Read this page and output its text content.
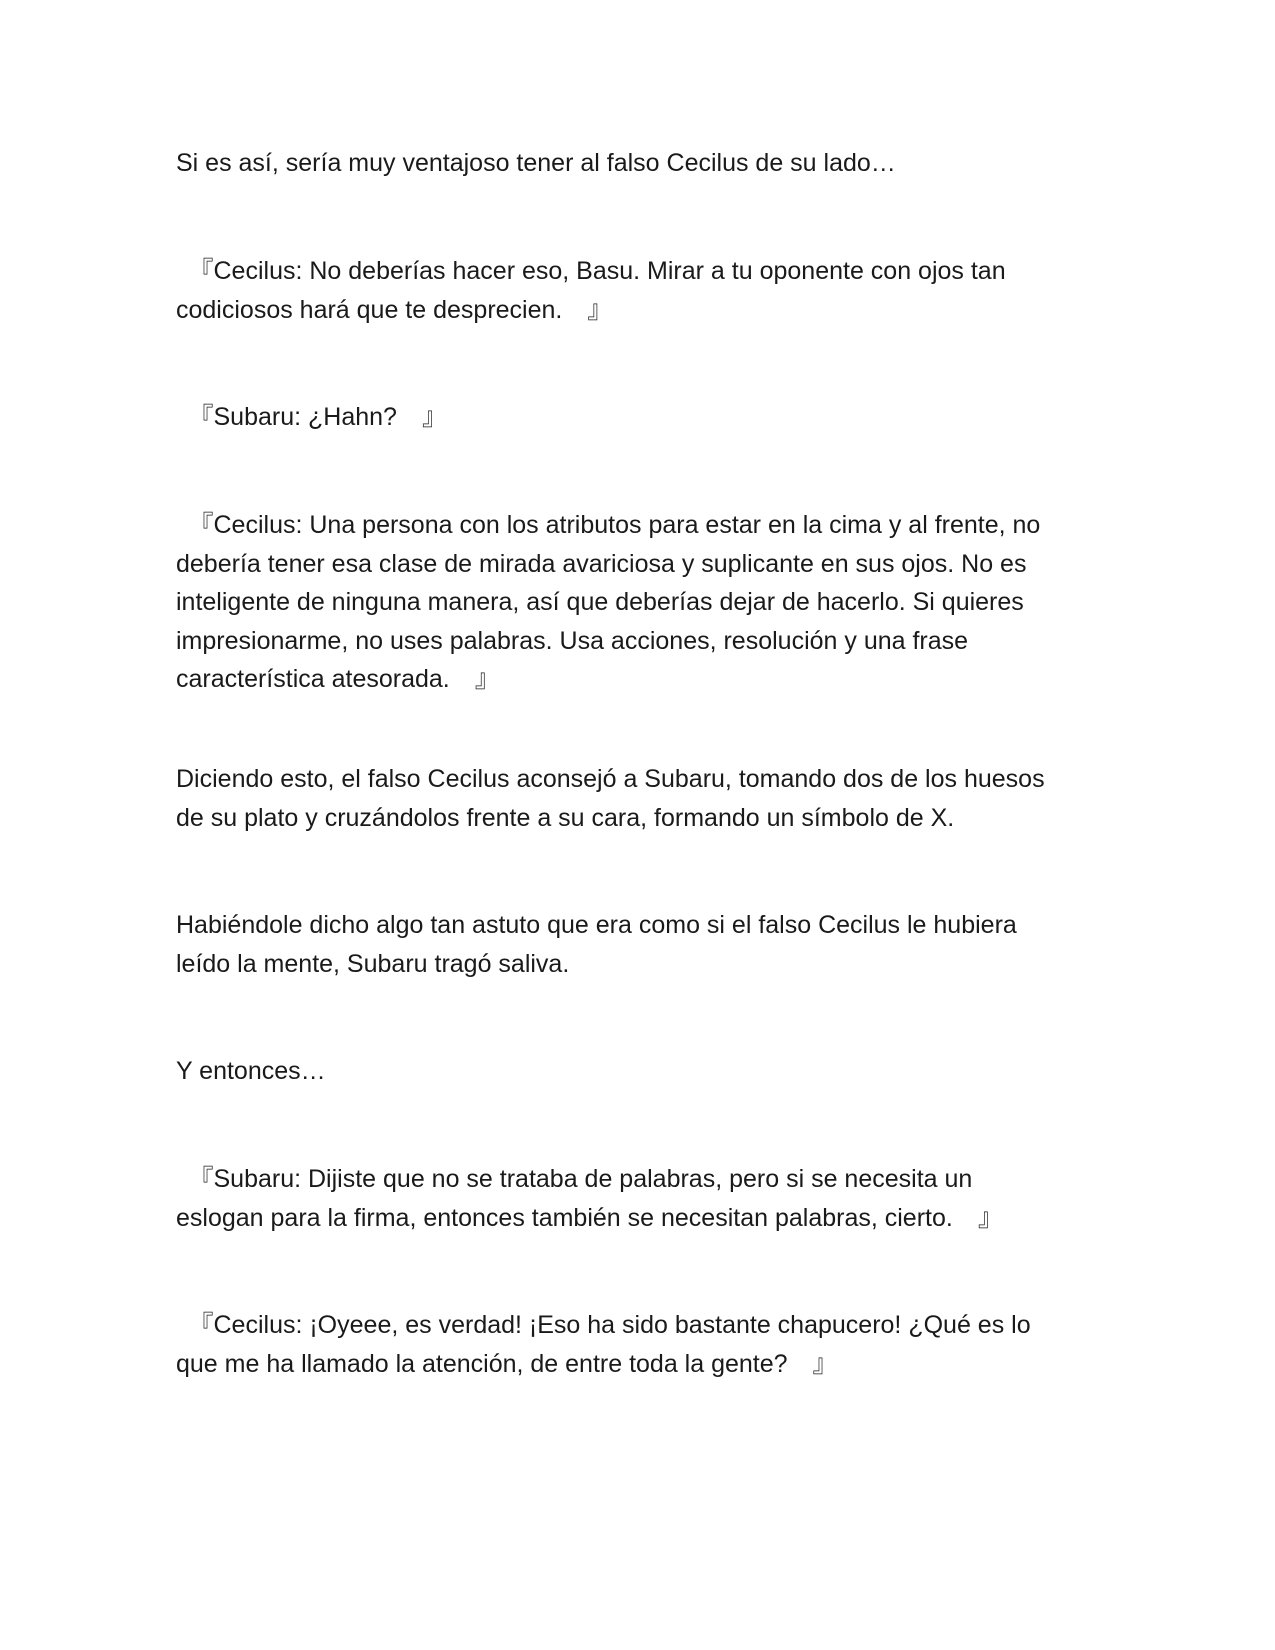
Si es así, sería muy ventajoso tener al falso Cecilus de su lado…

　『Cecilus: No deberías hacer eso, Basu. Mirar a tu oponente con ojos tan
codiciosos hará que te desprecien.　』

　『Subaru: ¿Hahn?　』

　『Cecilus: Una persona con los atributos para estar en la cima y al frente, no
debería tener esa clase de mirada avariciosa y suplicante en sus ojos. No es
inteligente de ninguna manera, así que deberías dejar de hacerlo. Si quieres
impresionarme, no uses palabras. Usa acciones, resolución y una frase
característica atesorada.　』

Diciendo esto, el falso Cecilus aconsejó a Subaru, tomando dos de los huesos
de su plato y cruzándolos frente a su cara, formando un símbolo de X.

Habiéndole dicho algo tan astuto que era como si el falso Cecilus le hubiera
leído la mente, Subaru tragó saliva.

Y entonces…

　『Subaru: Dijiste que no se trataba de palabras, pero si se necesita un
eslogan para la firma, entonces también se necesitan palabras, cierto.　』

　『Cecilus: ¡Oyeee, es verdad! ¡Eso ha sido bastante chapucero! ¿Qué es lo
que me ha llamado la atención, de entre toda la gente?　』
